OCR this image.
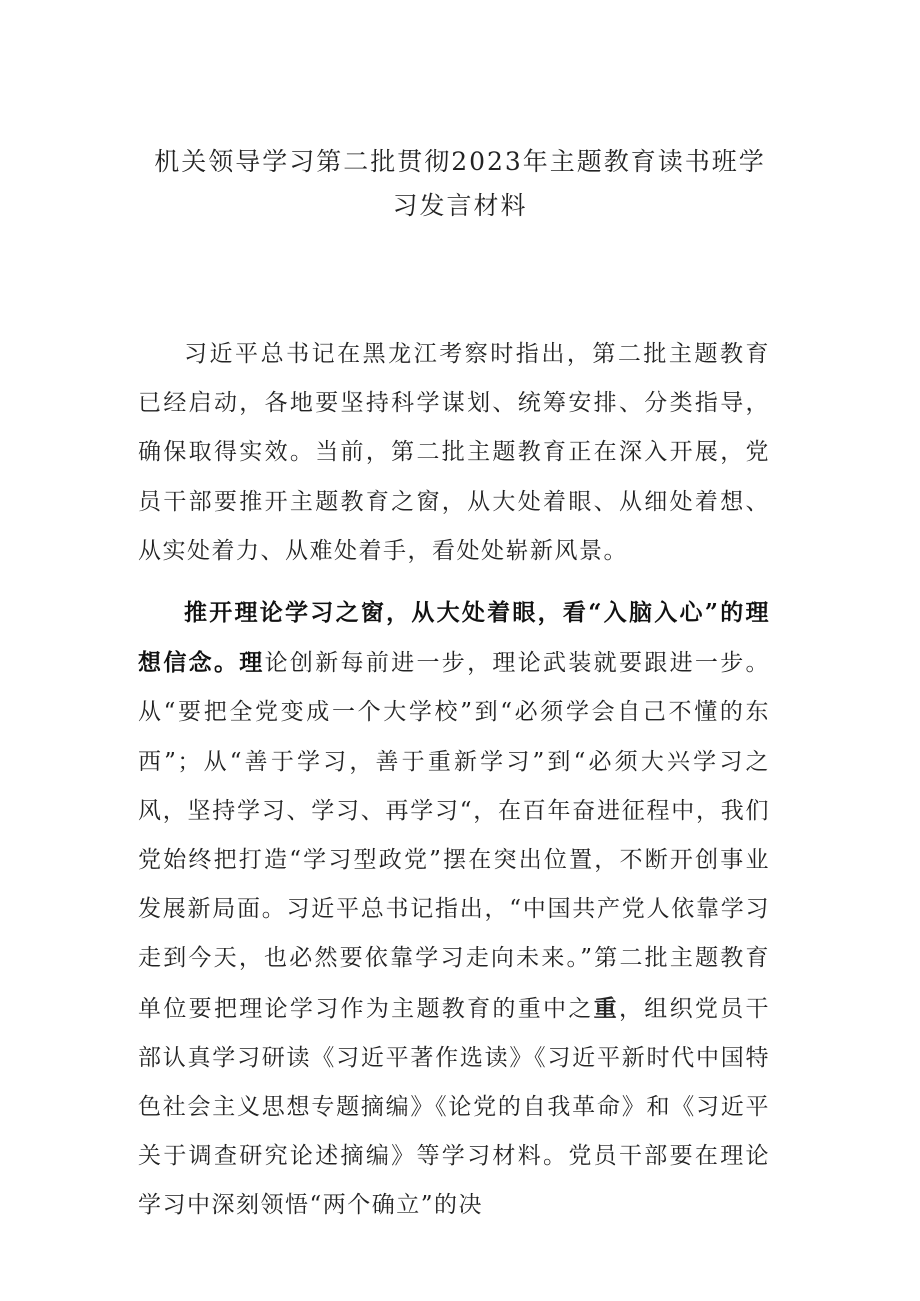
机关领导学习第二批贯彻2023年主题教育读书班学
习发言材料

习近平总书记在黑龙江考察时指出，第二批主题教育已经启动，各地要坚持科学谋划、统筹安排、分类指导，确保取得实效。当前，第二批主题教育正在深入开展，党员干部要推开主题教育之窗，从大处着眼、从细处着想、从实处着力、从难处着手，看处处崭新风景。

推开理论学习之窗，从大处着眼，看“入脑入心”的理想信念。理论创新每前进一步，理论武装就要跟进一步。从“要把全党变成一个大学校”到“必须学会自己不懂的东西”；从“善于学习，善于重新学习”到“必须大兴学习之风，坚持学习、学习、再学习“，在百年奋进征程中，我们党始终把打造“学习型政党”摆在突出位置，不断开创事业发展新局面。习近平总书记指出，“中国共产党人依靠学习走到今天，也必然要依靠学习走向未来。”第二批主题教育单位要把理论学习作为主题教育的重中之重，组织党员干部认真学习研读《习近平著作选读》《习近平新时代中国特色社会主义思想专题摘编》《论党的自我革命》和《习近平关于调查研究论述摘编》等学习材料。党员干部要在理论学习中深刻领悟“两个确立”的决
